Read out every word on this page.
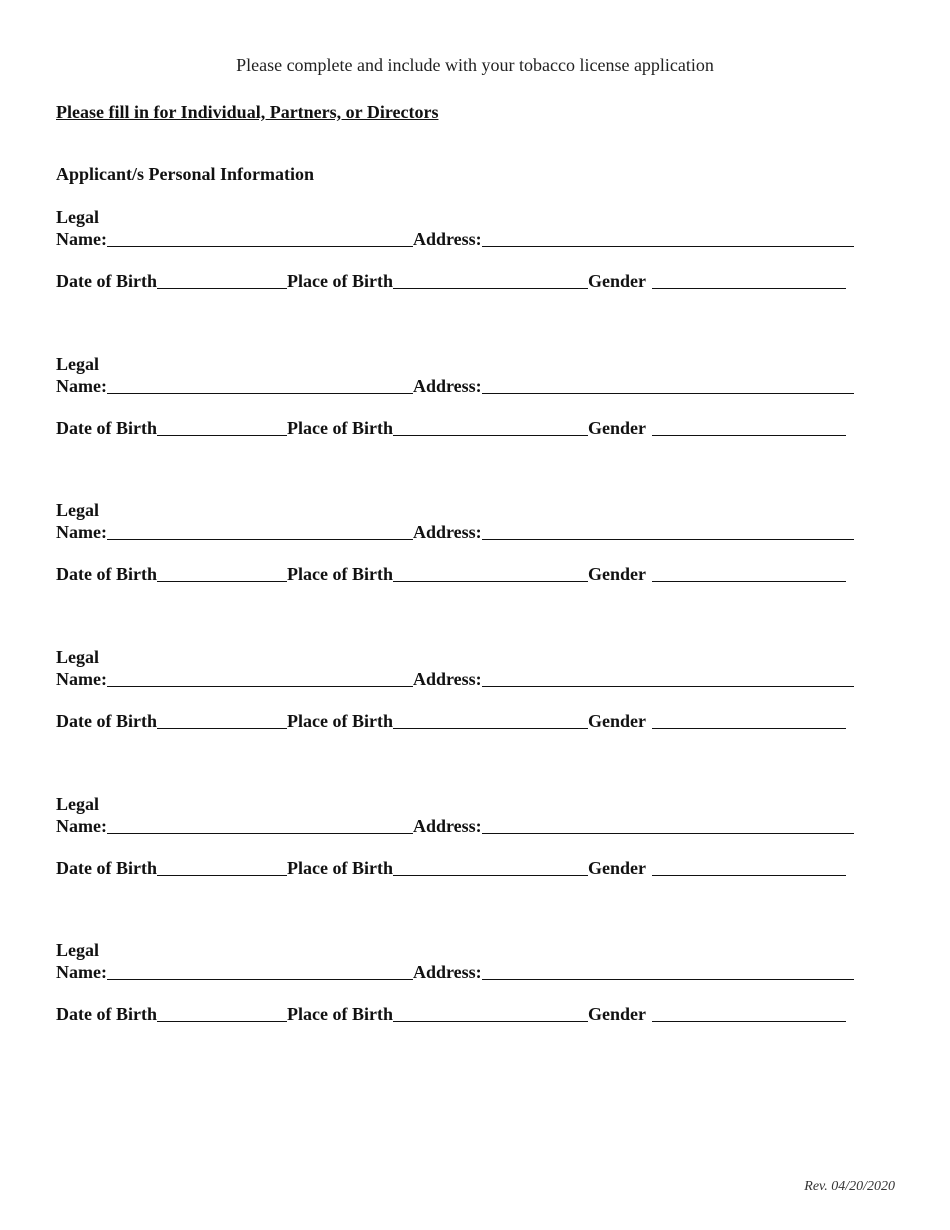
Please complete and include with your tobacco license application
Please fill in for Individual, Partners, or Directors
Applicant/s Personal Information
Legal
Name:	Address:
Date of Birth	Place of Birth	Gender
Legal
Name:	Address:
Date of Birth	Place of Birth	Gender
Legal
Name:	Address:
Date of Birth	Place of Birth	Gender
Legal
Name:	Address:
Date of Birth	Place of Birth	Gender
Legal
Name:	Address:
Date of Birth	Place of Birth	Gender
Legal
Name:	Address:
Date of Birth	Place of Birth	Gender
Rev. 04/20/2020
